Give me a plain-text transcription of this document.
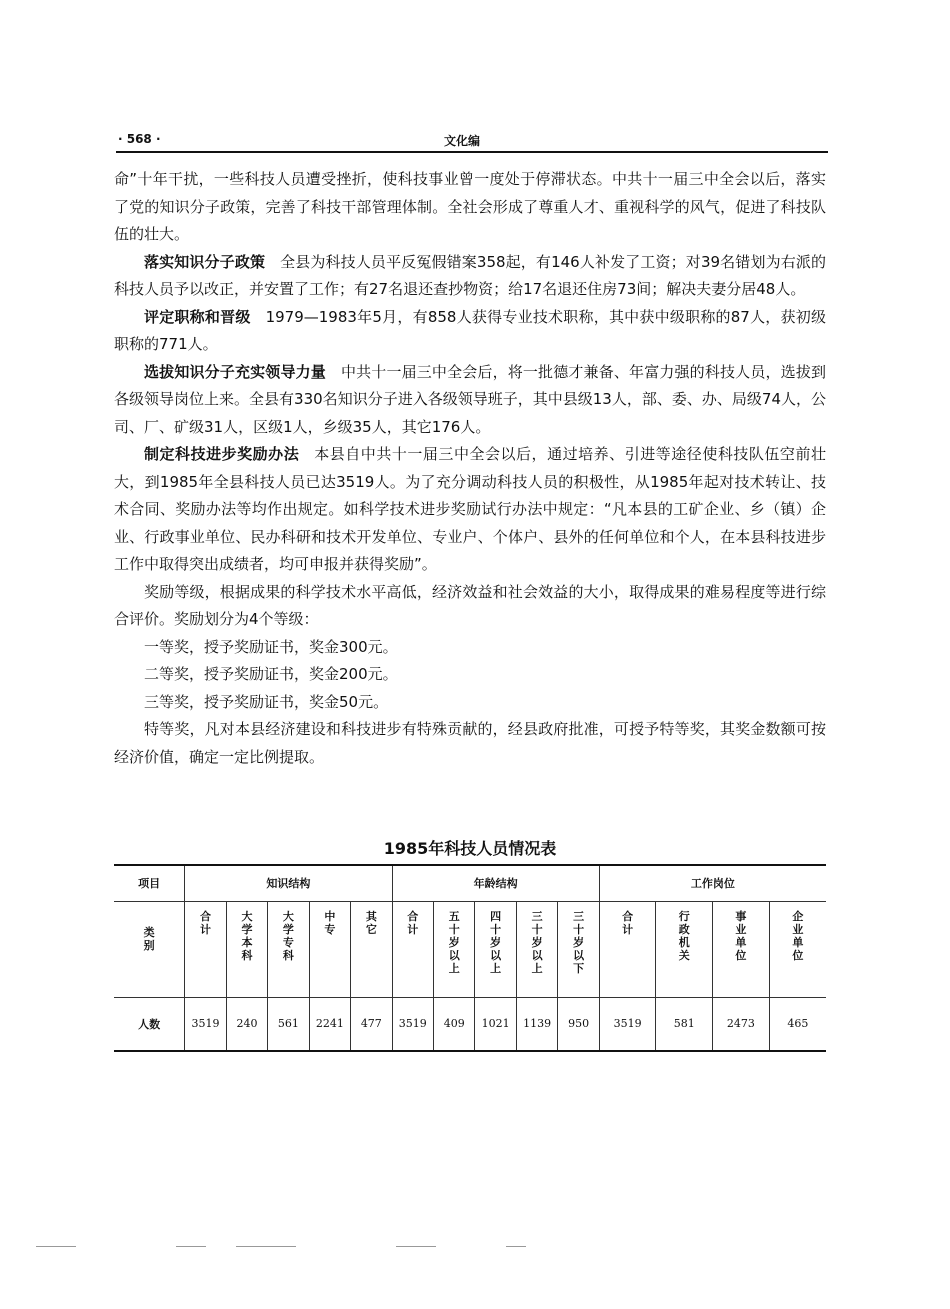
· 568 ·	文化编

命”十年干扰，一些科技人员遭受挫折，使科技事业曾一度处于停滞状态。中共十一届三中全会以后，落实了党的知识分子政策，完善了科技干部管理体制。全社会形成了尊重人才、重视科学的风气，促进了科技队伍的壮大。

落实知识分子政策 全县为科技人员平反冤假错案358起，有146人补发了工资；对39名错划为右派的科技人员予以改正，并安置了工作；有27名退还查抄物资；给17名退还住房73间；解决夫妻分居48人。

评定职称和晋级 1979—1983年5月，有858人获得专业技术职称，其中获中级职称的87人，获初级职称的771人。

选拔知识分子充实领导力量 中共十一届三中全会后，将一批德才兼备、年富力强的科技人员，选拔到各级领导岗位上来。全县有330名知识分子进入各级领导班子，其中县级13人，部、委、办、局级74人，公司、厂、矿级31人，区级1人，乡级35人，其它176人。

制定科技进步奖励办法 本县自中共十一届三中全会以后，通过培养、引进等途径使科技队伍空前壮大，到1985年全县科技人员已达3519人。为了充分调动科技人员的积极性，从1985年起对技术转让、技术合同、奖励办法等均作出规定。如科学技术进步奖励试行办法中规定：“凡本县的工矿企业、乡（镇）企业、行政事业单位、民办科研和技术开发单位、专业户、个体户、县外的任何单位和个人，在本县科技进步工作中取得突出成绩者，均可申报并获得奖励”。

奖励等级，根据成果的科学技术水平高低，经济效益和社会效益的大小，取得成果的难易程度等进行综合评价。奖励划分为4个等级：

一等奖，授予奖励证书，奖金300元。

二等奖，授予奖励证书，奖金200元。

三等奖，授予奖励证书，奖金50元。

特等奖，凡对本县经济建设和科技进步有特殊贡献的，经县政府批准，可授予特等奖，其奖金数额可按经济价值，确定一定比例提取。

1985年科技人员情况表
项目	知识结构					年龄结构					工作岗位			
类别	合计	大学本科	大学专科	中专	其它	合计	五十岁以上	四十岁以上	三十岁以上	三十岁以下	合计	行政机关	事业单位	企业单位
人数	3519	240	561	2241	477	3519	409	1021	1139	950	3519	581	2473	465
